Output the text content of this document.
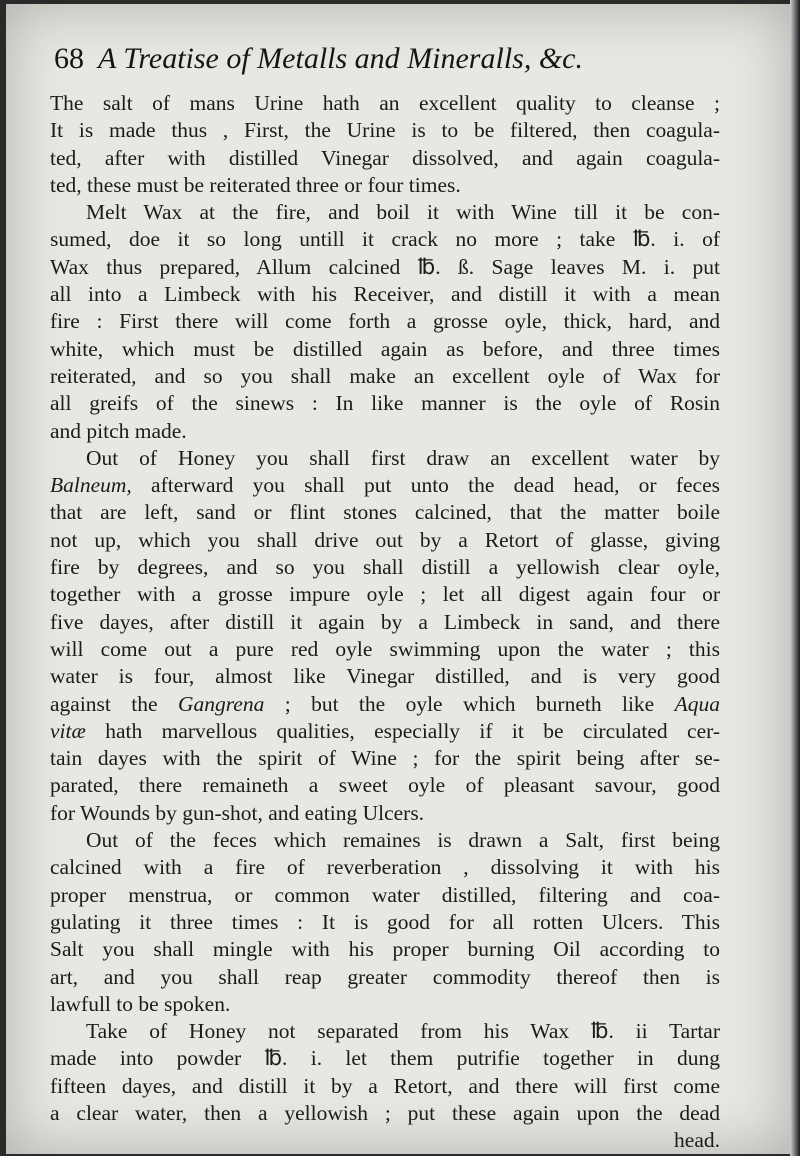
68 A Treatise of Metalls and Mineralls, &c.
The salt of mans Urine hath an excellent quality to cleanse ;
It is made thus , First, the Urine is to be filtered, then coagula-
ted, after with distilled Vinegar dissolved, and again coagula-
ted, these must be reiterated three or four times.
Melt Wax at the fire, and boil it with Wine till it be con-
sumed, doe it so long untill it crack no more ; take ℔. i. of
Wax thus prepared, Allum calcined ℔. ß. Sage leaves M. i. put
all into a Limbeck with his Receiver, and distill it with a mean
fire : First there will come forth a grosse oyle, thick, hard, and
white, which must be distilled again as before, and three times
reiterated, and so you shall make an excellent oyle of Wax for
all greifs of the sinews : In like manner is the oyle of Rosin
and pitch made.
Out of Honey you shall first draw an excellent water by
Balneum, afterward you shall put unto the dead head, or feces
that are left, sand or flint stones calcined, that the matter boile
not up, which you shall drive out by a Retort of glasse, giving
fire by degrees, and so you shall distill a yellowish clear oyle,
together with a grosse impure oyle ; let all digest again four or
five dayes, after distill it again by a Limbeck in sand, and there
will come out a pure red oyle swimming upon the water ; this
water is four, almost like Vinegar distilled, and is very good
against the Gangrena ; but the oyle which burneth like Aqua
vitæ hath marvellous qualities, especially if it be circulated cer-
tain dayes with the spirit of Wine ; for the spirit being after se-
parated, there remaineth a sweet oyle of pleasant savour, good
for Wounds by gun-shot, and eating Ulcers.
Out of the feces which remaines is drawn a Salt, first being
calcined with a fire of reverberation , dissolving it with his
proper menstrua, or common water distilled, filtering and coa-
gulating it three times : It is good for all rotten Ulcers. This
Salt you shall mingle with his proper burning Oil according to
art, and you shall reap greater commodity thereof then is
lawfull to be spoken.
Take of Honey not separated from his Wax ℔. ii Tartar
made into powder ℔. i. let them putrifie together in dung
fifteen dayes, and distill it by a Retort, and there will first come
a clear water, then a yellowish ; put these again upon the dead
head.
